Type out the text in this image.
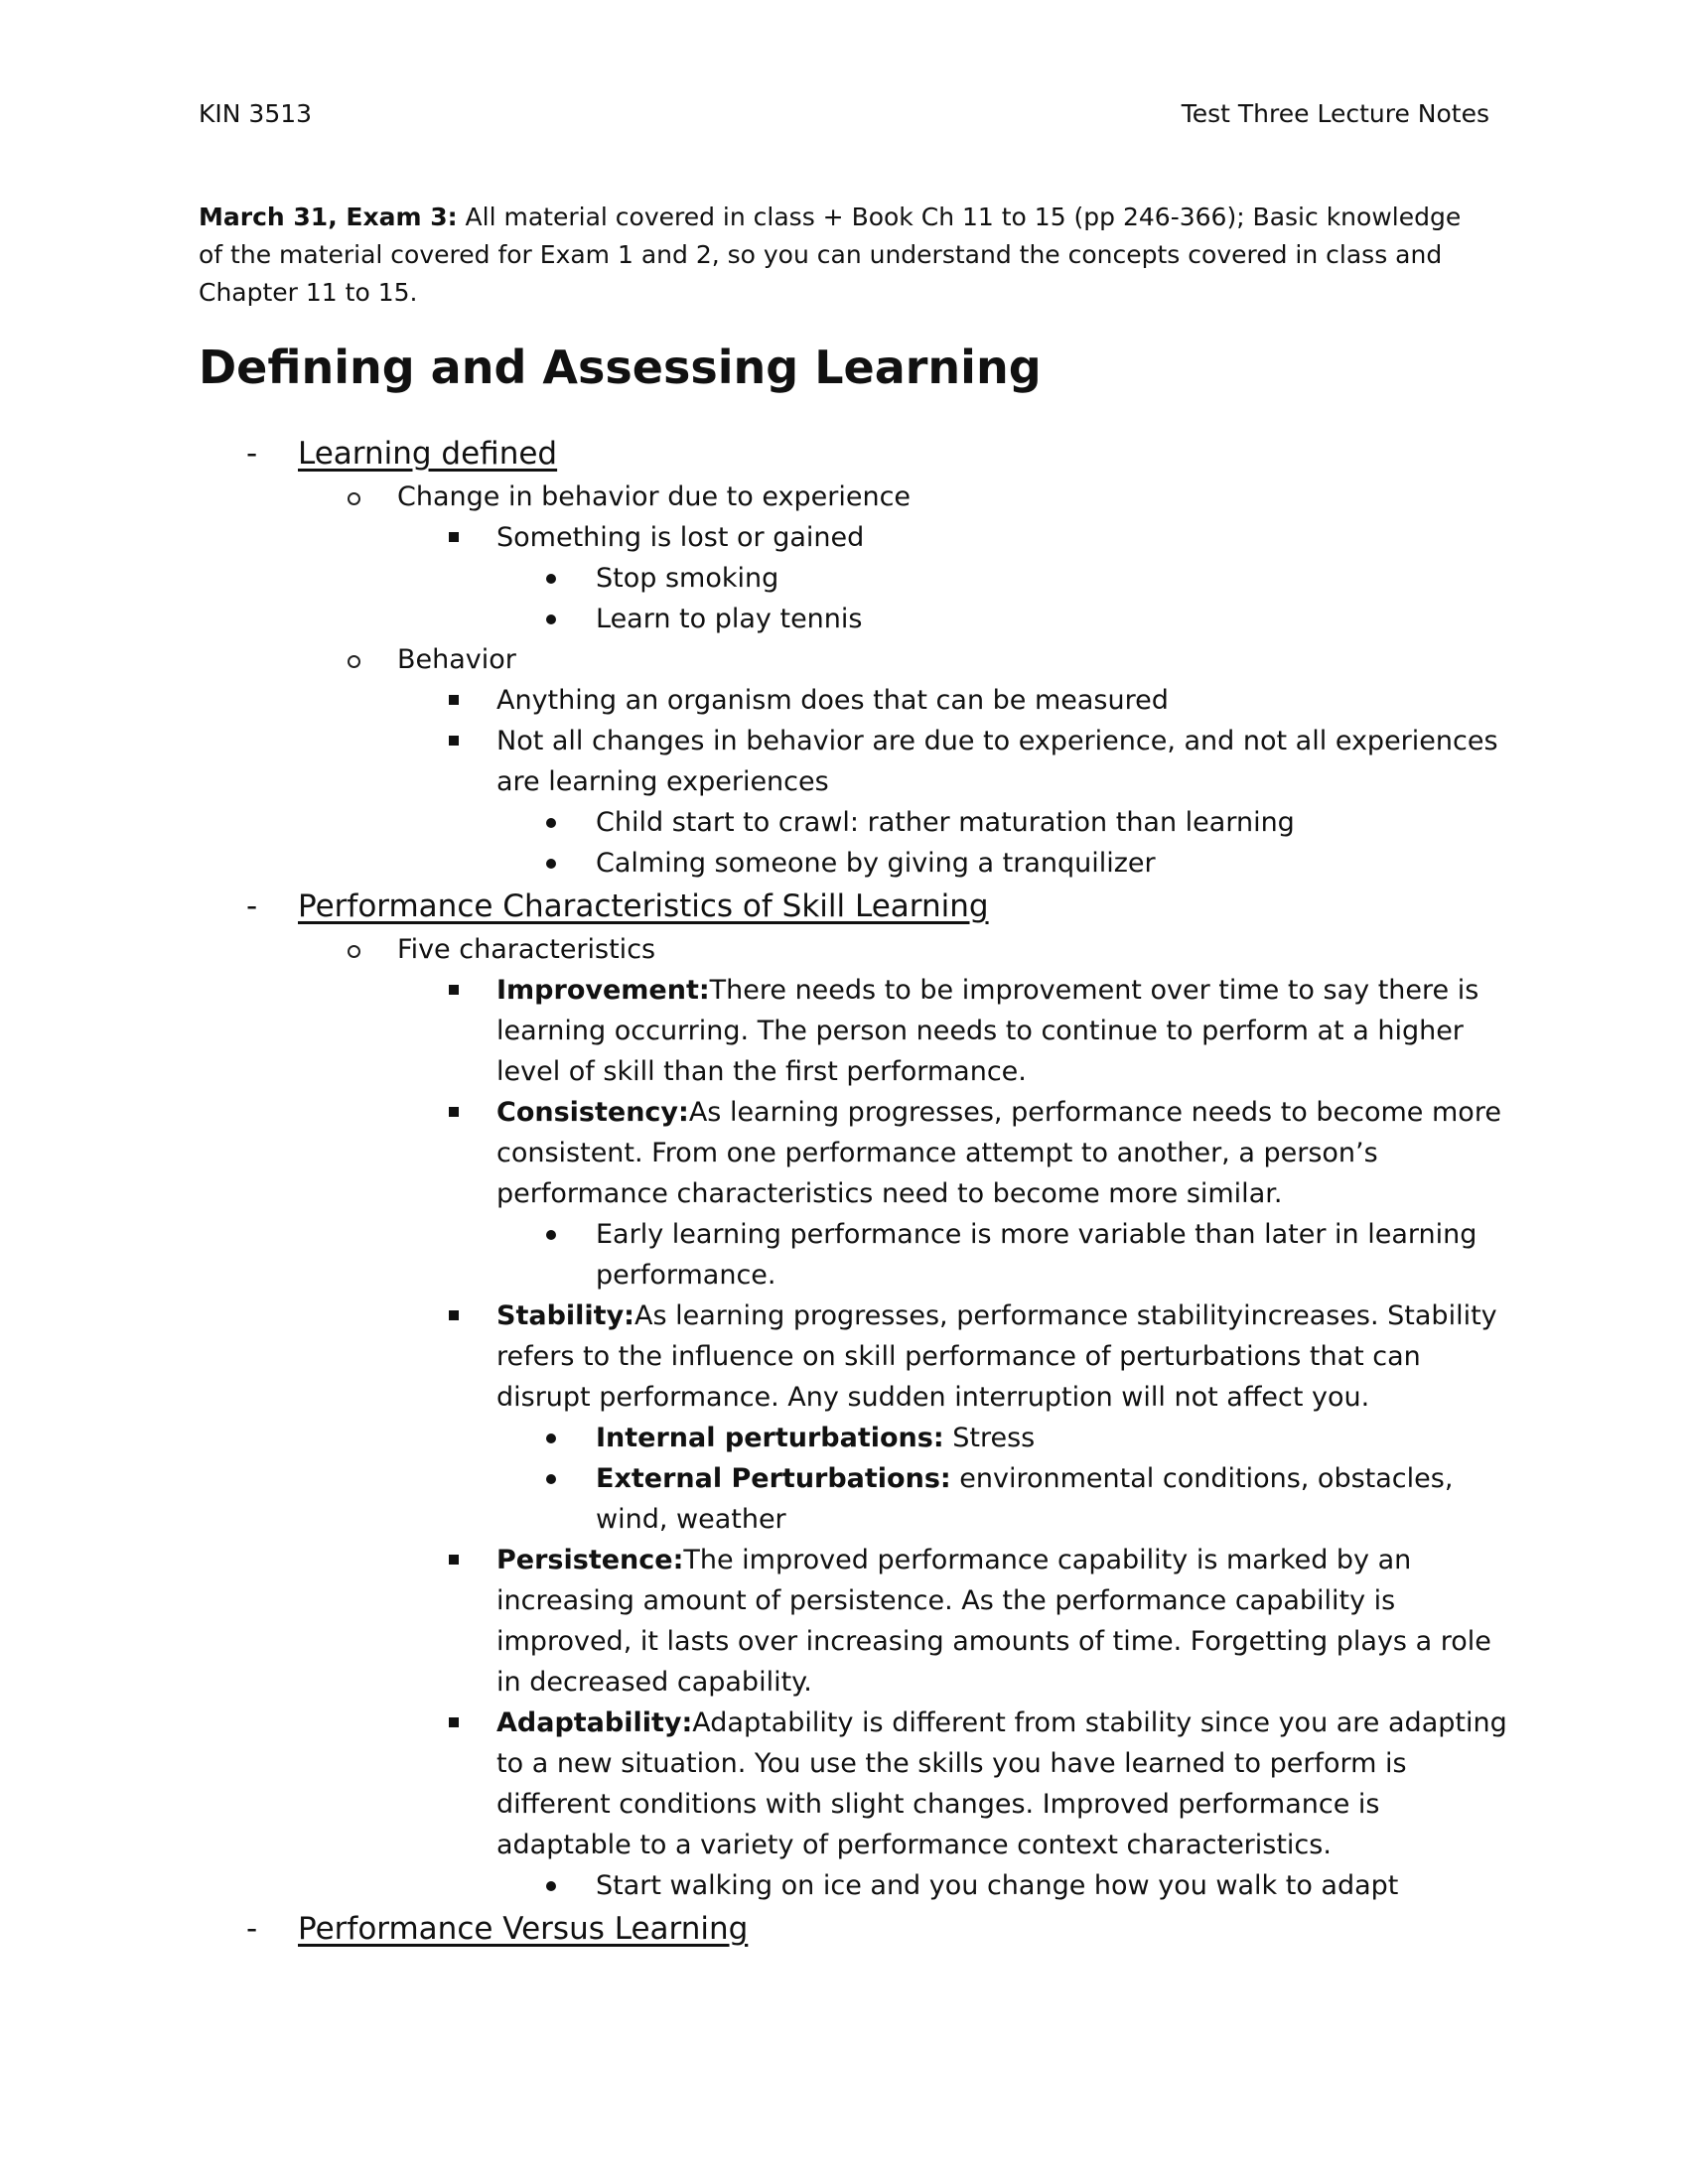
KIN 3513	Test Three Lecture Notes
March 31, Exam 3: All material covered in class + Book Ch 11 to 15 (pp 246-366); Basic knowledge of the material covered for Exam 1 and 2, so you can understand the concepts covered in class and Chapter 11 to 15.
Defining and Assessing Learning
-
Learning defined
Change in behavior due to experience
Something is lost or gained
Stop smoking
Learn to play tennis
Behavior
Anything an organism does that can be measured
Not all changes in behavior are due to experience, and not all experiences are learning experiences
Child start to crawl: rather maturation than learning
Calming someone by giving a tranquilizer
-
Performance Characteristics of Skill Learning
Five characteristics
Improvement:There needs to be improvement over time to say there is learning occurring. The person needs to continue to perform at a higher level of skill than the first performance.
Consistency:As learning progresses, performance needs to become more consistent. From one performance attempt to another, a person’s performance characteristics need to become more similar.
Early learning performance is more variable than later in learning performance.
Stability:As learning progresses, performance stabilityincreases. Stability refers to the influence on skill performance of perturbations that can disrupt performance. Any sudden interruption will not affect you.
Internal perturbations: Stress
External Perturbations: environmental conditions, obstacles, wind, weather
Persistence:The improved performance capability is marked by an increasing amount of persistence. As the performance capability is improved, it lasts over increasing amounts of time. Forgetting plays a role in decreased capability.
Adaptability:Adaptability is different from stability since you are adapting to a new situation. You use the skills you have learned to perform is different conditions with slight changes. Improved performance is adaptable to a variety of performance context characteristics.
Start walking on ice and you change how you walk to adapt
-
Performance Versus Learning
